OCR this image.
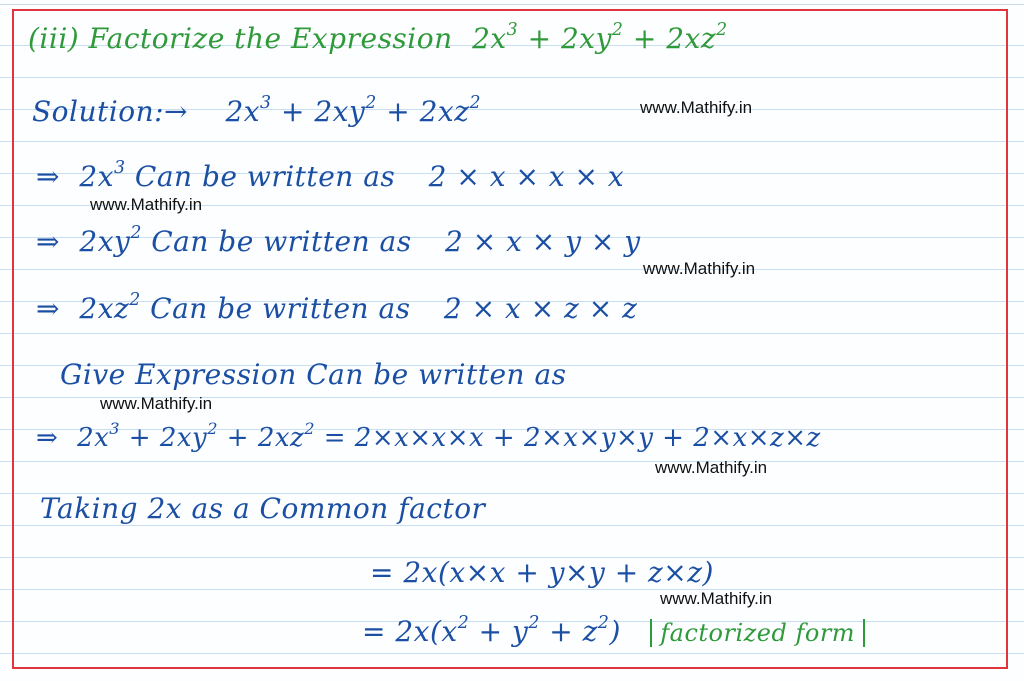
(iii) Factorize the Expression $2x^3 + 2xy^2 + 2xz^2$
Solution:→ $2x^3 + 2xy^2 + 2xz^2$	www.Mathify.in
⇒ $2x^3$ Can be written as 2 × x × x × x
www.Mathify.in
⇒ $2xy^2$ Can be written as 2 × x × y × y
www.Mathify.in
⇒ $2xz^2$ Can be written as 2 × x × z × z
Give Expression Can be written as
www.Mathify.in
⇒ $2x^3 + 2xy^2 + 2xz^2 = 2\times x\times x\times x + 2\times x\times y\times y + 2\times x\times z\times z$
www.Mathify.in
Taking 2x as a Common factor
= 2x(x×x + y×y + z×z)
www.Mathify.in
= $2x(x^2 + y^2 + z^2)$ factorized form
